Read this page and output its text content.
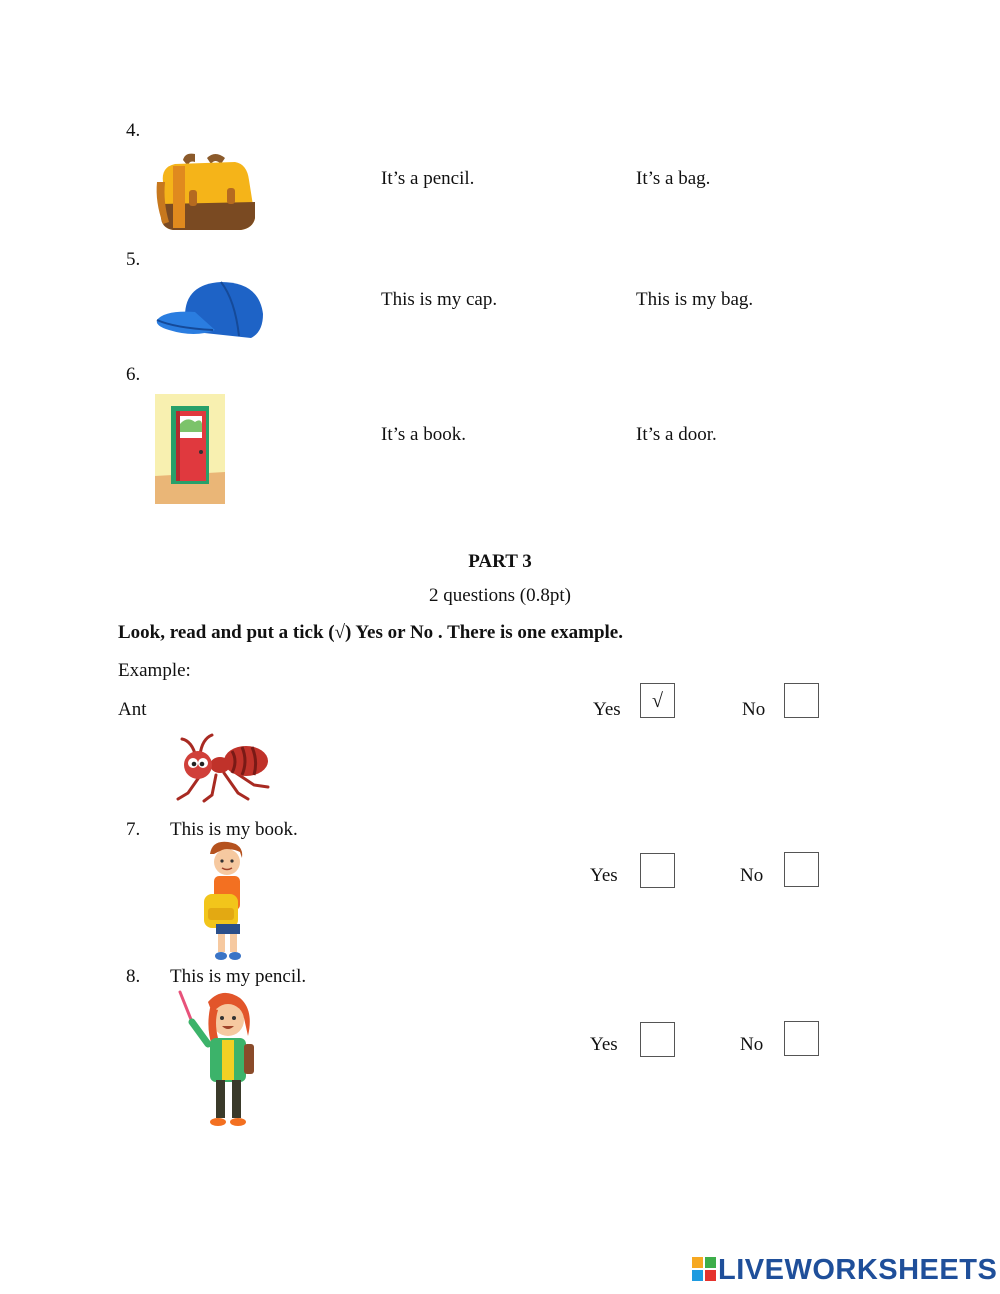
4.
It’s a pencil.	It’s a bag.
5.
This is my cap.	This is my bag.
6.
It’s a book.	It’s a door.
PART 3
2 questions (0.8pt)
Look, read and put a tick (√) Yes or No . There is one example.
Example:
Ant	Yes	√	No
7. This is my book.
Yes	No
8. This is my pencil.
Yes	No
LIVEWORKSHEETS
